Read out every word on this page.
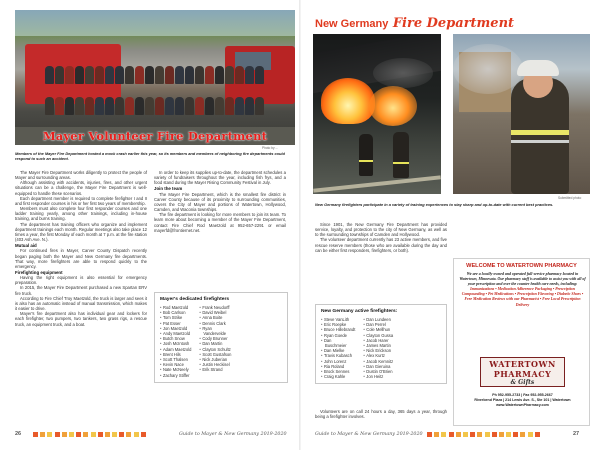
Mayer Volunteer Fire Department
Photo by ...
Members of the Mayer Fire Department hosted a mock crash earlier this year, so its members and members of neighboring fire departments could respond to such an accident.

The Mayer Fire Department works diligently to protect the people of Mayer and surrounding areas.

Although assisting with accidents, injuries, fires, and other urgent situations can be a challenge, the Mayer Fire Department is well-equipped to handle these scenarios.

Each department member is required to complete firefighter I and II and first responder courses in his or her first two years of membership.

Members must also complete four first responder courses and one ladder training yearly, among other trainings, including in-house training, and burns training.

The department has training officers who organize and implement department trainings each month. Regular meetings also take place 12 times a year, the first Monday of each month at 7 p.m. at the fire station (403 Ash Ave. N.).

Mutual aid

For continued fires in Mayer, Carver County Dispatch recently began paging both the Mayer and New Germany fire departments. That way, more firefighters are able to respond quickly to the emergency.

Firefighting equipment

Having the right equipment is also essential for emergency preparation.

In 2015, the Mayer Fire Department purchased a new Spartan ERV fire truck.

According to Fire Chief Troy Maetzold, the truck is larger and sees it is also has an automatic instead of manual transmission, which makes it easier to drive.

Mayer's fire department also has individual gear and lockers for each firefighter, two pumpers, two tankers, two grass rigs, a rescue truck, an equipment truck, and a boat.

In order to keep its supplies up-to-date, the department schedules a variety of fundraisers throughout the year, including fish frys, and a food stand during the Mayer Rising Community Festival in July.

Join the team

The Mayer Fire Department, which is the smallest fire district in Carver County because of its proximity to surrounding communities, covers the City of Mayer and portions of Watertown, Hollywood, Camden, and Waconia townships.

The fire department is looking for more members to join its team. To learn more about becoming a member of the Mayer Fire Department, contact Fire Chief Rod Maetzold at 952-657-2291 or email mayerfd@frontiernet.net.

Mayer's dedicated firefighters
• Rod Maetzold
• Bob Carlson
• Tom Strike
• Pat Esser
• Jon Maetzold
• Andy Maetzold
• Butch Snow
• Josh McIntosh
• Adam Maetzold
• Brent Hils
• Scott Thalsen
• Kevin Nace
• Nate McNeely
• Zachary Stiffer
• Frank Neudorff
• David Weibel
• Anna Boite
• Dennis Clark
• Ryan
Vandervelde
• Cody Brunner
• Dan Martin
• Clayton Schultz
• Scott Gustafson
• Nick Juberian
• Justin Heckisel
• Erik Strand
26	Guide to Mayer & New Germany 2019-2020
New Germany Fire Department
Submitted photo
New Germany firefighters participate in a variety of training experiences to stay sharp and up-to-date with current best practices.

Since 1901, the New Germany Fire Department has provided service, loyalty, and protection to the city of New Germany, as well as to the surrounding townships of Camden and Hollywood.

The volunteer department currently has 23 active members, and five rescue reserve members (those who are available during the day and can be either first responders, firefighters, or both).

New Germany active firefighters:
• Steve VanLith
• Eric Roepke
• Bruce Hillebrandt
• Ryan Goede
• Dan
Buschmeier
• Dan Mielke
• Travis Kubasch
• John Lorenz
• Ria Roland
• Brock Sennes
• Craig Kahle
• Dan Lundeen
• Dan Perrel
• Cole Mellhun
• Clayton Gussa
• Jacob Harer
• James Martin
• Nick Erickson
• Alex Kurtz
• Jacob Kemnitz
• Dan Gieruina
• Dustin O'Brien
• Jon Heitz

Volunteers are on call 24 hours a day, 365 days a year, through being a firefighter involves.

WELCOME TO WATERTOWN PHARMACY
We are a locally-owned and operated full-service pharmacy located in Watertown, Minnesota. Our pharmacy staff is available to assist you with all of your prescription and over the counter health care needs, including:
Immunizations • Medication Adherence Packaging • Prescription Compounding • Pet Medications • Prescription Flavoring • Diabetic Shoes • Free Medication Reviews with our Pharmacist • Free Local Prescription Delivery
WATERTOWN
PHARMACY
& Gifts
Ph 952-955-2733 | Fax 952-955-2667
Riverbend Plaza | 214 Lewis Ave. S., Ste 101 | Watertown
www.WatertownPharmacy.com
Guide to Mayer & New Germany 2019-2020	27
